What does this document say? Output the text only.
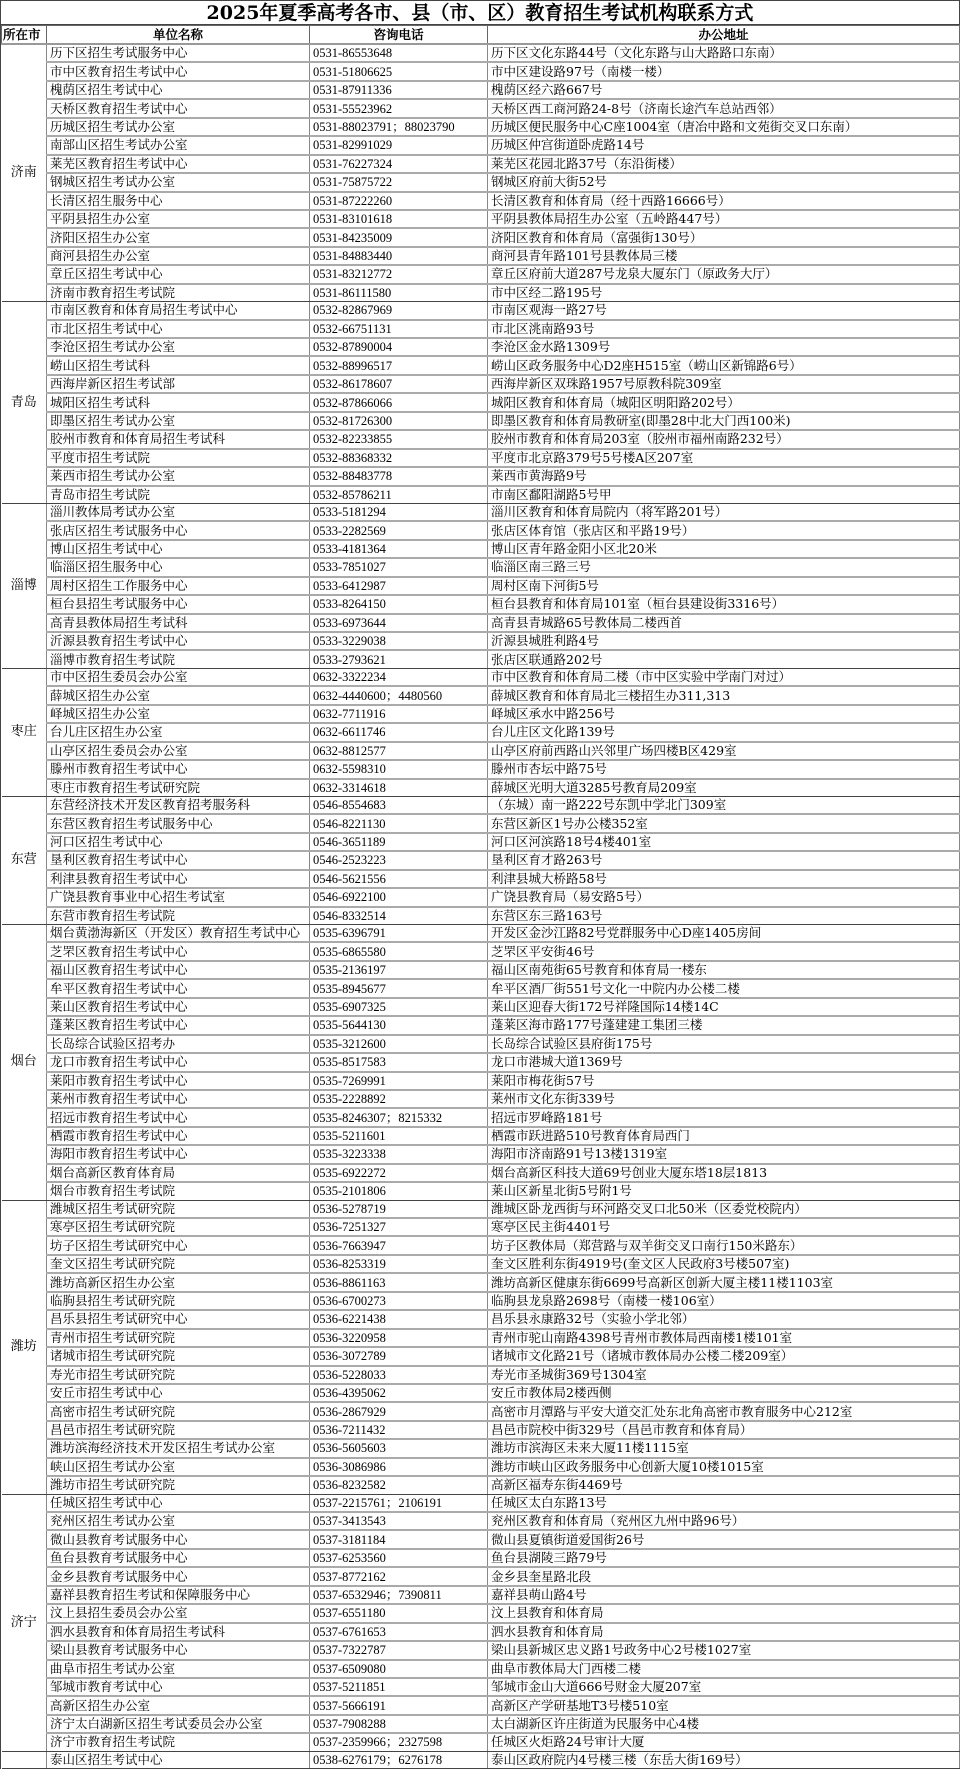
2025年夏季高考各市、县（市、区）教育招生考试机构联系方式
所在市	单位名称	咨询电话	办公地址
济南	历下区招生考试服务中心	0531-86553648	历下区文化东路44号（文化东路与山大路路口东南）
	市中区教育招生考试中心	0531-51806625	市中区建设路97号（南楼一楼）
	槐荫区招生考试中心	0531-87911336	槐荫区经六路667号
	天桥区教育招生考试中心	0531-55523962	天桥区西工商河路24-8号（济南长途汽车总站西邻）
	历城区招生考试办公室	0531-88023791；88023790	历城区便民服务中心C座1004室（唐冶中路和文苑街交叉口东南）
	南部山区招生考试办公室	0531-82991029	历城区仲宫街道卧虎路14号
	莱芜区教育招生考试中心	0531-76227324	莱芜区花园北路37号（东沿街楼）
	钢城区招生考试办公室	0531-75875722	钢城区府前大街52号
	长清区招生服务中心	0531-87222260	长清区教育和体育局（经十西路16666号）
	平阴县招生办公室	0531-83101618	平阴县教体局招生办公室（五岭路447号）
	济阳区招生办公室	0531-84235009	济阳区教育和体育局（富强街130号）
	商河县招生办公室	0531-84883440	商河县青年路101号县教体局三楼
	章丘区招生考试中心	0531-83212772	章丘区府前大道287号龙泉大厦东门（原政务大厅）
	济南市教育招生考试院	0531-86111580	市中区经二路195号
青岛	市南区教育和体育局招生考试中心	0532-82867969	市南区观海一路27号
	市北区招生考试中心	0532-66751131	市北区洮南路93号
	李沧区招生考试办公室	0532-87890004	李沧区金水路1309号
	崂山区招生考试科	0532-88996517	崂山区政务服务中心D2座H515室（崂山区新锦路6号）
	西海岸新区招生考试部	0532-86178607	西海岸新区双珠路1957号原教科院309室
	城阳区招生考试科	0532-87866066	城阳区教育和体育局（城阳区明阳路202号）
	即墨区招生考试办公室	0532-81726300	即墨区教育和体育局教研室(即墨28中北大门西100米)
	胶州市教育和体育局招生考试科	0532-82233855	胶州市教育和体育局203室（胶州市福州南路232号）
	平度市招生考试院	0532-88368332	平度市北京路379号5号楼A区207室
	莱西市招生考试办公室	0532-88483778	莱西市黄海路9号
	青岛市招生考试院	0532-85786211	市南区鄱阳湖路5号甲
淄博	淄川教体局考试办公室	0533-5181294	淄川区教育和体育局院内（将军路201号）
	张店区招生考试服务中心	0533-2282569	张店区体育馆（张店区和平路19号）
	博山区招生考试中心	0533-4181364	博山区青年路金阳小区北20米
	临淄区招生服务中心	0533-7851027	临淄区南三路三号
	周村区招生工作服务中心	0533-6412987	周村区南下河街5号
	桓台县招生考试服务中心	0533-8264150	桓台县教育和体育局101室（桓台县建设街3316号）
	高青县教体局招生考试科	0533-6973644	高青县青城路65号教体局二楼西首
	沂源县教育招生考试中心	0533-3229038	沂源县城胜利路4号
	淄博市教育招生考试院	0533-2793621	张店区联通路202号
枣庄	市中区招生委员会办公室	0632-3322234	市中区教育和体育局二楼（市中区实验中学南门对过）
	薛城区招生办公室	0632-4440600；4480560	薛城区教育和体育局北三楼招生办311,313
	峄城区招生办公室	0632-7711916	峄城区承水中路256号
	台儿庄区招生办公室	0632-6611746	台儿庄区文化路139号
	山亭区招生委员会办公室	0632-8812577	山亭区府前西路山兴邻里广场四楼B区429室
	滕州市教育招生考试中心	0632-5598310	滕州市杏坛中路75号
	枣庄市教育招生考试研究院	0632-3314618	薛城区光明大道3285号教育局209室
东营	东营经济技术开发区教育招考服务科	0546-8554683	（东城）南一路222号东凯中学北门309室
	东营区教育招生考试服务中心	0546-8221130	东营区新区1号办公楼352室
	河口区招生考试中心	0546-3651189	河口区河滨路18号4楼401室
	垦利区教育招生考试中心	0546-2523223	垦利区育才路263号
	利津县教育招生考试中心	0546-5621556	利津县城大桥路58号
	广饶县教育事业中心招生考试室	0546-6922100	广饶县教育局（易安路5号）
	东营市教育招生考试院	0546-8332514	东营区东三路163号
烟台	烟台黄渤海新区（开发区）教育招生考试中心	0535-6396791	开发区金沙江路82号党群服务中心D座1405房间
	芝罘区教育招生考试中心	0535-6865580	芝罘区平安街46号
	福山区教育招生考试中心	0535-2136197	福山区南苑街65号教育和体育局一楼东
	牟平区教育招生考试中心	0535-8945677	牟平区酒厂街551号文化一中院内办公楼二楼
	莱山区教育招生考试中心	0535-6907325	莱山区迎春大街172号祥隆国际14楼14C
	蓬莱区教育招生考试中心	0535-5644130	蓬莱区海市路177号蓬建建工集团三楼
	长岛综合试验区招考办	0535-3212600	长岛综合试验区县府街175号
	龙口市教育招生考试中心	0535-8517583	龙口市港城大道1369号
	莱阳市教育招生考试中心	0535-7269991	莱阳市梅花街57号
	莱州市教育招生考试中心	0535-2228892	莱州市文化东街339号
	招远市教育招生考试中心	0535-8246307；8215332	招远市罗峰路181号
	栖霞市教育招生考试中心	0535-5211601	栖霞市跃进路510号教育体育局西门
	海阳市教育招生考试中心	0535-3223338	海阳市济南路91号13楼1319室
	烟台高新区教育体育局	0535-6922272	烟台高新区科技大道69号创业大厦东塔18层1813
	烟台市教育招生考试院	0535-2101806	莱山区新星北街5号附1号
潍坊	潍城区招生考试研究院	0536-5278719	潍城区卧龙西街与环河路交叉口北50米（区委党校院内）
	寒亭区招生考试研究院	0536-7251327	寒亭区民主街4401号
	坊子区招生考试研究中心	0536-7663947	坊子区教体局（郑营路与双羊街交叉口南行150米路东）
	奎文区招生考试研究院	0536-8253319	奎文区胜利东街4919号(奎文区人民政府3号楼507室)
	潍坊高新区招生办公室	0536-8861163	潍坊高新区健康东街6699号高新区创新大厦主楼11楼1103室
	临朐县招生考试研究院	0536-6700273	临朐县龙泉路2698号（南楼一楼106室）
	昌乐县招生考试研究中心	0536-6221438	昌乐县永康路32号（实验小学北邻）
	青州市招生考试研究院	0536-3220958	青州市驼山南路4398号青州市教体局西南楼1楼101室
	诸城市招生考试研究院	0536-3072789	诸城市文化路21号（诸城市教体局办公楼二楼209室）
	寿光市招生考试研究院	0536-5228033	寿光市圣城街369号1304室
	安丘市招生考试中心	0536-4395062	安丘市教体局2楼西侧
	高密市招生考试研究院	0536-2867929	高密市月潭路与平安大道交汇处东北角高密市教育服务中心212室
	昌邑市招生考试研究院	0536-7211432	昌邑市院校中街329号（昌邑市教育和体育局）
	潍坊滨海经济技术开发区招生考试办公室	0536-5605603	潍坊市滨海区未来大厦11楼1115室
	峡山区招生考试办公室	0536-3086986	潍坊市峡山区政务服务中心创新大厦10楼1015室
	潍坊市招生考试研究院	0536-8232582	高新区福寿东街4469号
济宁	任城区招生考试中心	0537-2215761；2106191	任城区太白东路13号
	兖州区招生考试办公室	0537-3413543	兖州区教育和体育局（兖州区九州中路96号）
	微山县教育考试服务中心	0537-3181184	微山县夏镇街道爱国街26号
	鱼台县教育考试服务中心	0537-6253560	鱼台县湖陵三路79号
	金乡县教育考试服务中心	0537-8772162	金乡县奎星路北段
	嘉祥县教育招生考试和保障服务中心	0537-6532946；7390811	嘉祥县萌山路4号
	汶上县招生委员会办公室	0537-6551180	汶上县教育和体育局
	泗水县教育和体育局招生考试科	0537-6761653	泗水县教育和体育局
	梁山县教育考试服务中心	0537-7322787	梁山县新城区忠义路1号政务中心2号楼1027室
	曲阜市招生考试办公室	0537-6509080	曲阜市教体局大门西楼二楼
	邹城市教育考试中心	0537-5211851	邹城市金山大道666号财金大厦207室
	高新区招生办公室	0537-5666191	高新区产学研基地T3号楼510室
	济宁太白湖新区招生考试委员会办公室	0537-7908288	太白湖新区许庄街道为民服务中心4楼
	济宁市教育招生考试院	0537-2359966；2327598	任城区火炬路24号审计大厦
	泰山区招生考试中心	0538-6276179；6276178	泰山区政府院内4号楼三楼（东岳大街169号）
